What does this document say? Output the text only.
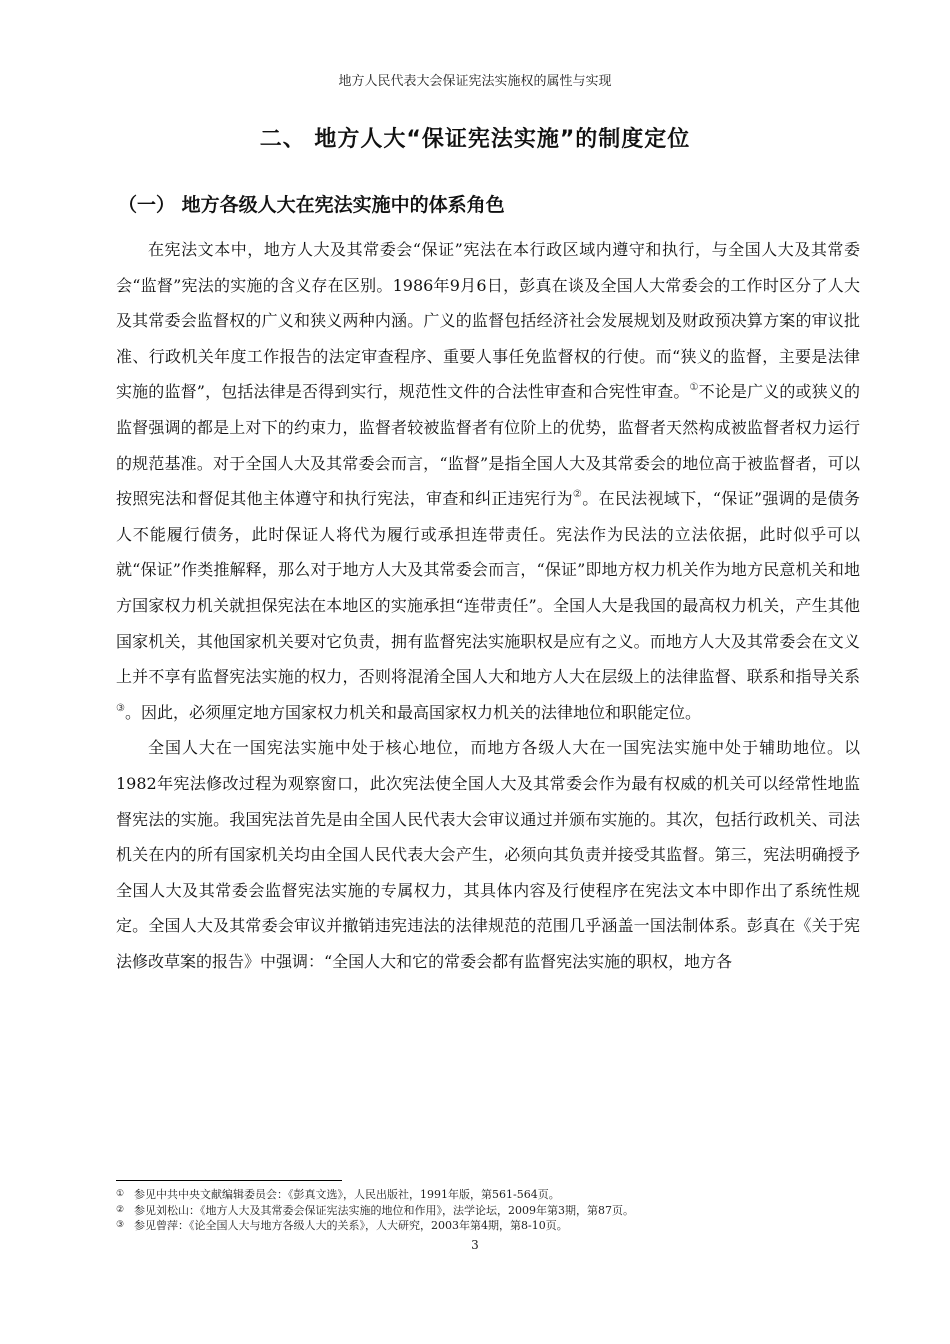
地方人民代表大会保证宪法实施权的属性与实现
二、 地方人大“保证宪法实施”的制度定位
（一） 地方各级人大在宪法实施中的体系角色

在宪法文本中，地方人大及其常委会“保证”宪法在本行政区域内遵守和执行，与全国人大及其常委会“监督”宪法的实施的含义存在区别。1986年9月6日，彭真在谈及全国人大常委会的工作时区分了人大及其常委会监督权的广义和狭义两种内涵。广义的监督包括经济社会发展规划及财政预决算方案的审议批准、行政机关年度工作报告的法定审查程序、重要人事任免监督权的行使。而“狭义的监督，主要是法律实施的监督”，包括法律是否得到实行，规范性文件的合法性审查和合宪性审查。①不论是广义的或狭义的监督强调的都是上对下的约束力，监督者较被监督者有位阶上的优势，监督者天然构成被监督者权力运行的规范基准。对于全国人大及其常委会而言，“监督”是指全国人大及其常委会的地位高于被监督者，可以按照宪法和督促其他主体遵守和执行宪法，审查和纠正违宪行为②。在民法视域下，“保证”强调的是债务人不能履行债务，此时保证人将代为履行或承担连带责任。宪法作为民法的立法依据，此时似乎可以就“保证”作类推解释，那么对于地方人大及其常委会而言，“保证”即地方权力机关作为地方民意机关和地方国家权力机关就担保宪法在本地区的实施承担“连带责任”。全国人大是我国的最高权力机关，产生其他国家机关，其他国家机关要对它负责，拥有监督宪法实施职权是应有之义。而地方人大及其常委会在文义上并不享有监督宪法实施的权力，否则将混淆全国人大和地方人大在层级上的法律监督、联系和指导关系③。因此，必须厘定地方国家权力机关和最高国家权力机关的法律地位和职能定位。

全国人大在一国宪法实施中处于核心地位，而地方各级人大在一国宪法实施中处于辅助地位。以1982年宪法修改过程为观察窗口，此次宪法使全国人大及其常委会作为最有权威的机关可以经常性地监督宪法的实施。我国宪法首先是由全国人民代表大会审议通过并颁布实施的。其次，包括行政机关、司法机关在内的所有国家机关均由全国人民代表大会产生，必须向其负责并接受其监督。第三，宪法明确授予全国人大及其常委会监督宪法实施的专属权力，其具体内容及行使程序在宪法文本中即作出了系统性规定。全国人大及其常委会审议并撤销违宪违法的法律规范的范围几乎涵盖一国法制体系。彭真在《关于宪法修改草案的报告》中强调：“全国人大和它的常委会都有监督宪法实施的职权，地方各

① 参见中共中央文献编辑委员会：《彭真文选》，人民出版社，1991年版，第561-564页。

② 参见刘松山：《地方人大及其常委会保证宪法实施的地位和作用》，法学论坛，2009年第3期，第87页。

③ 参见曾萍：《论全国人大与地方各级人大的关系》，人大研究，2003年第4期，第8-10页。

3
